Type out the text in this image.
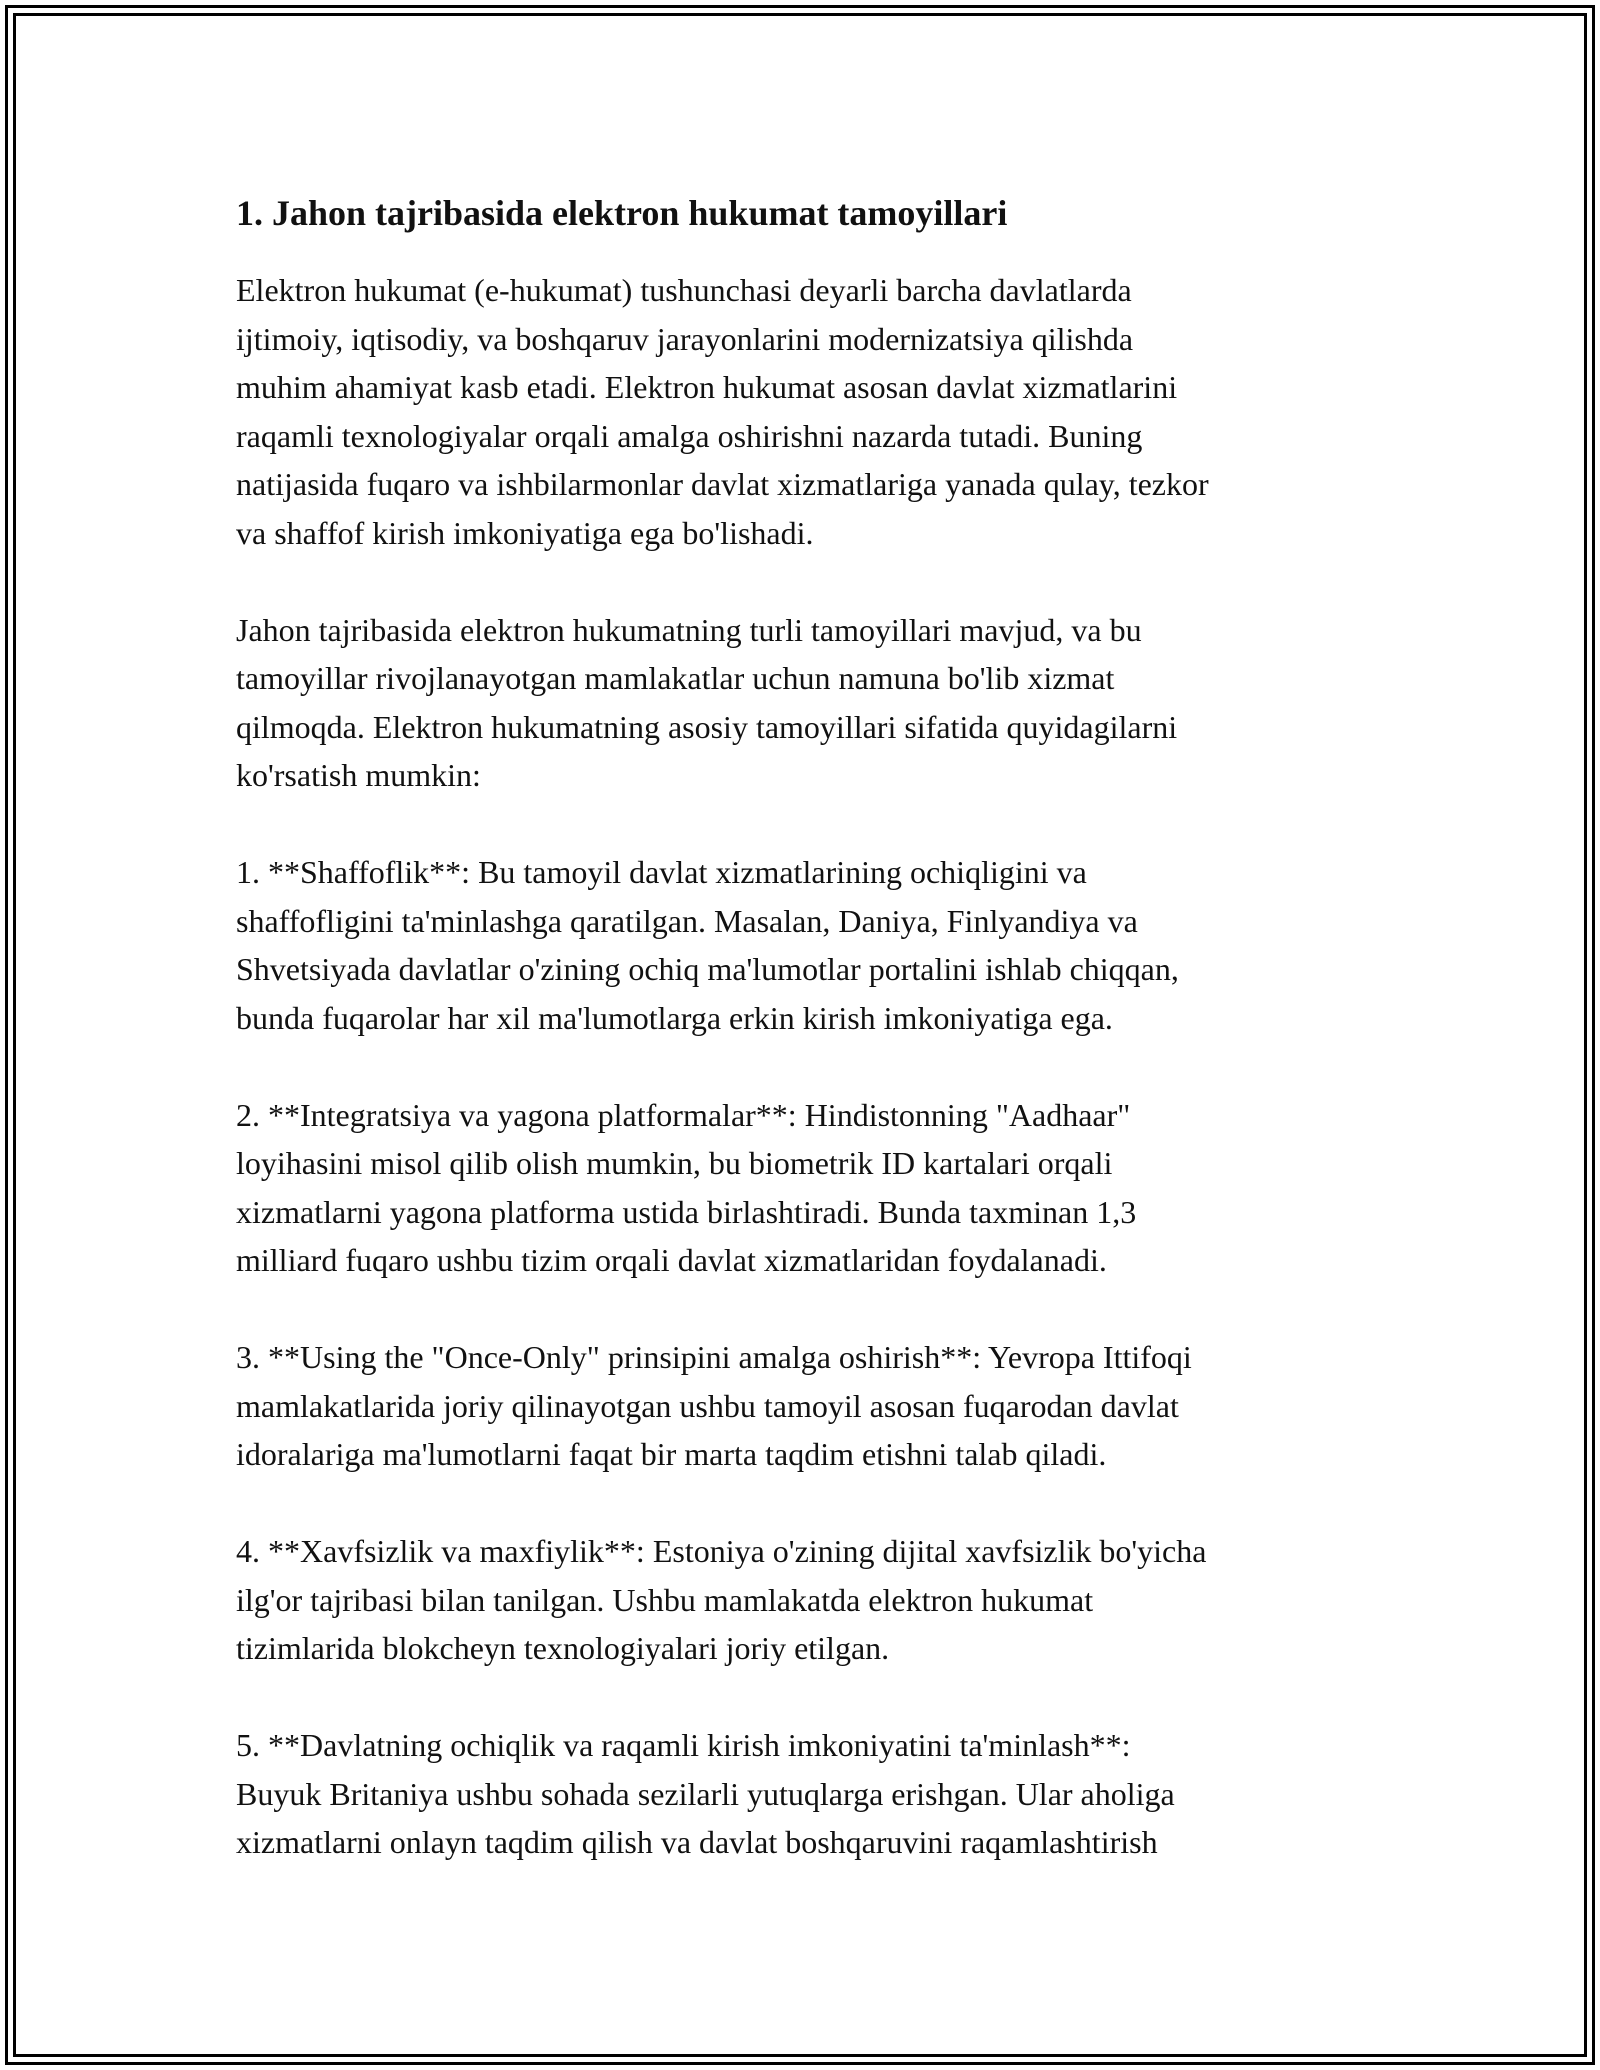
1. Jahon tajribasida elektron hukumat tamoyillari

Elektron hukumat (e-hukumat) tushunchasi deyarli barcha davlatlarda
ijtimoiy, iqtisodiy, va boshqaruv jarayonlarini modernizatsiya qilishda
muhim ahamiyat kasb etadi. Elektron hukumat asosan davlat xizmatlarini
raqamli texnologiyalar orqali amalga oshirishni nazarda tutadi. Buning
natijasida fuqaro va ishbilarmonlar davlat xizmatlariga yanada qulay, tezkor
va shaffof kirish imkoniyatiga ega bo'lishadi.

Jahon tajribasida elektron hukumatning turli tamoyillari mavjud, va bu
tamoyillar rivojlanayotgan mamlakatlar uchun namuna bo'lib xizmat
qilmoqda. Elektron hukumatning asosiy tamoyillari sifatida quyidagilarni
ko'rsatish mumkin:

1. **Shaffoflik**: Bu tamoyil davlat xizmatlarining ochiqligini va
shaffofligini ta'minlashga qaratilgan. Masalan, Daniya, Finlyandiya va
Shvetsiyada davlatlar o'zining ochiq ma'lumotlar portalini ishlab chiqqan,
bunda fuqarolar har xil ma'lumotlarga erkin kirish imkoniyatiga ega.

2. **Integratsiya va yagona platformalar**: Hindistonning "Aadhaar"
loyihasini misol qilib olish mumkin, bu biometrik ID kartalari orqali
xizmatlarni yagona platforma ustida birlashtiradi. Bunda taxminan 1,3
milliard fuqaro ushbu tizim orqali davlat xizmatlaridan foydalanadi.

3. **Using the "Once-Only" prinsipini amalga oshirish**: Yevropa Ittifoqi
mamlakatlarida joriy qilinayotgan ushbu tamoyil asosan fuqarodan davlat
idoralariga ma'lumotlarni faqat bir marta taqdim etishni talab qiladi.

4. **Xavfsizlik va maxfiylik**: Estoniya o'zining dijital xavfsizlik bo'yicha
ilg'or tajribasi bilan tanilgan. Ushbu mamlakatda elektron hukumat
tizimlarida blokcheyn texnologiyalari joriy etilgan.

5. **Davlatning ochiqlik va raqamli kirish imkoniyatini ta'minlash**:
Buyuk Britaniya ushbu sohada sezilarli yutuqlarga erishgan. Ular aholiga
xizmatlarni onlayn taqdim qilish va davlat boshqaruvini raqamlashtirish
